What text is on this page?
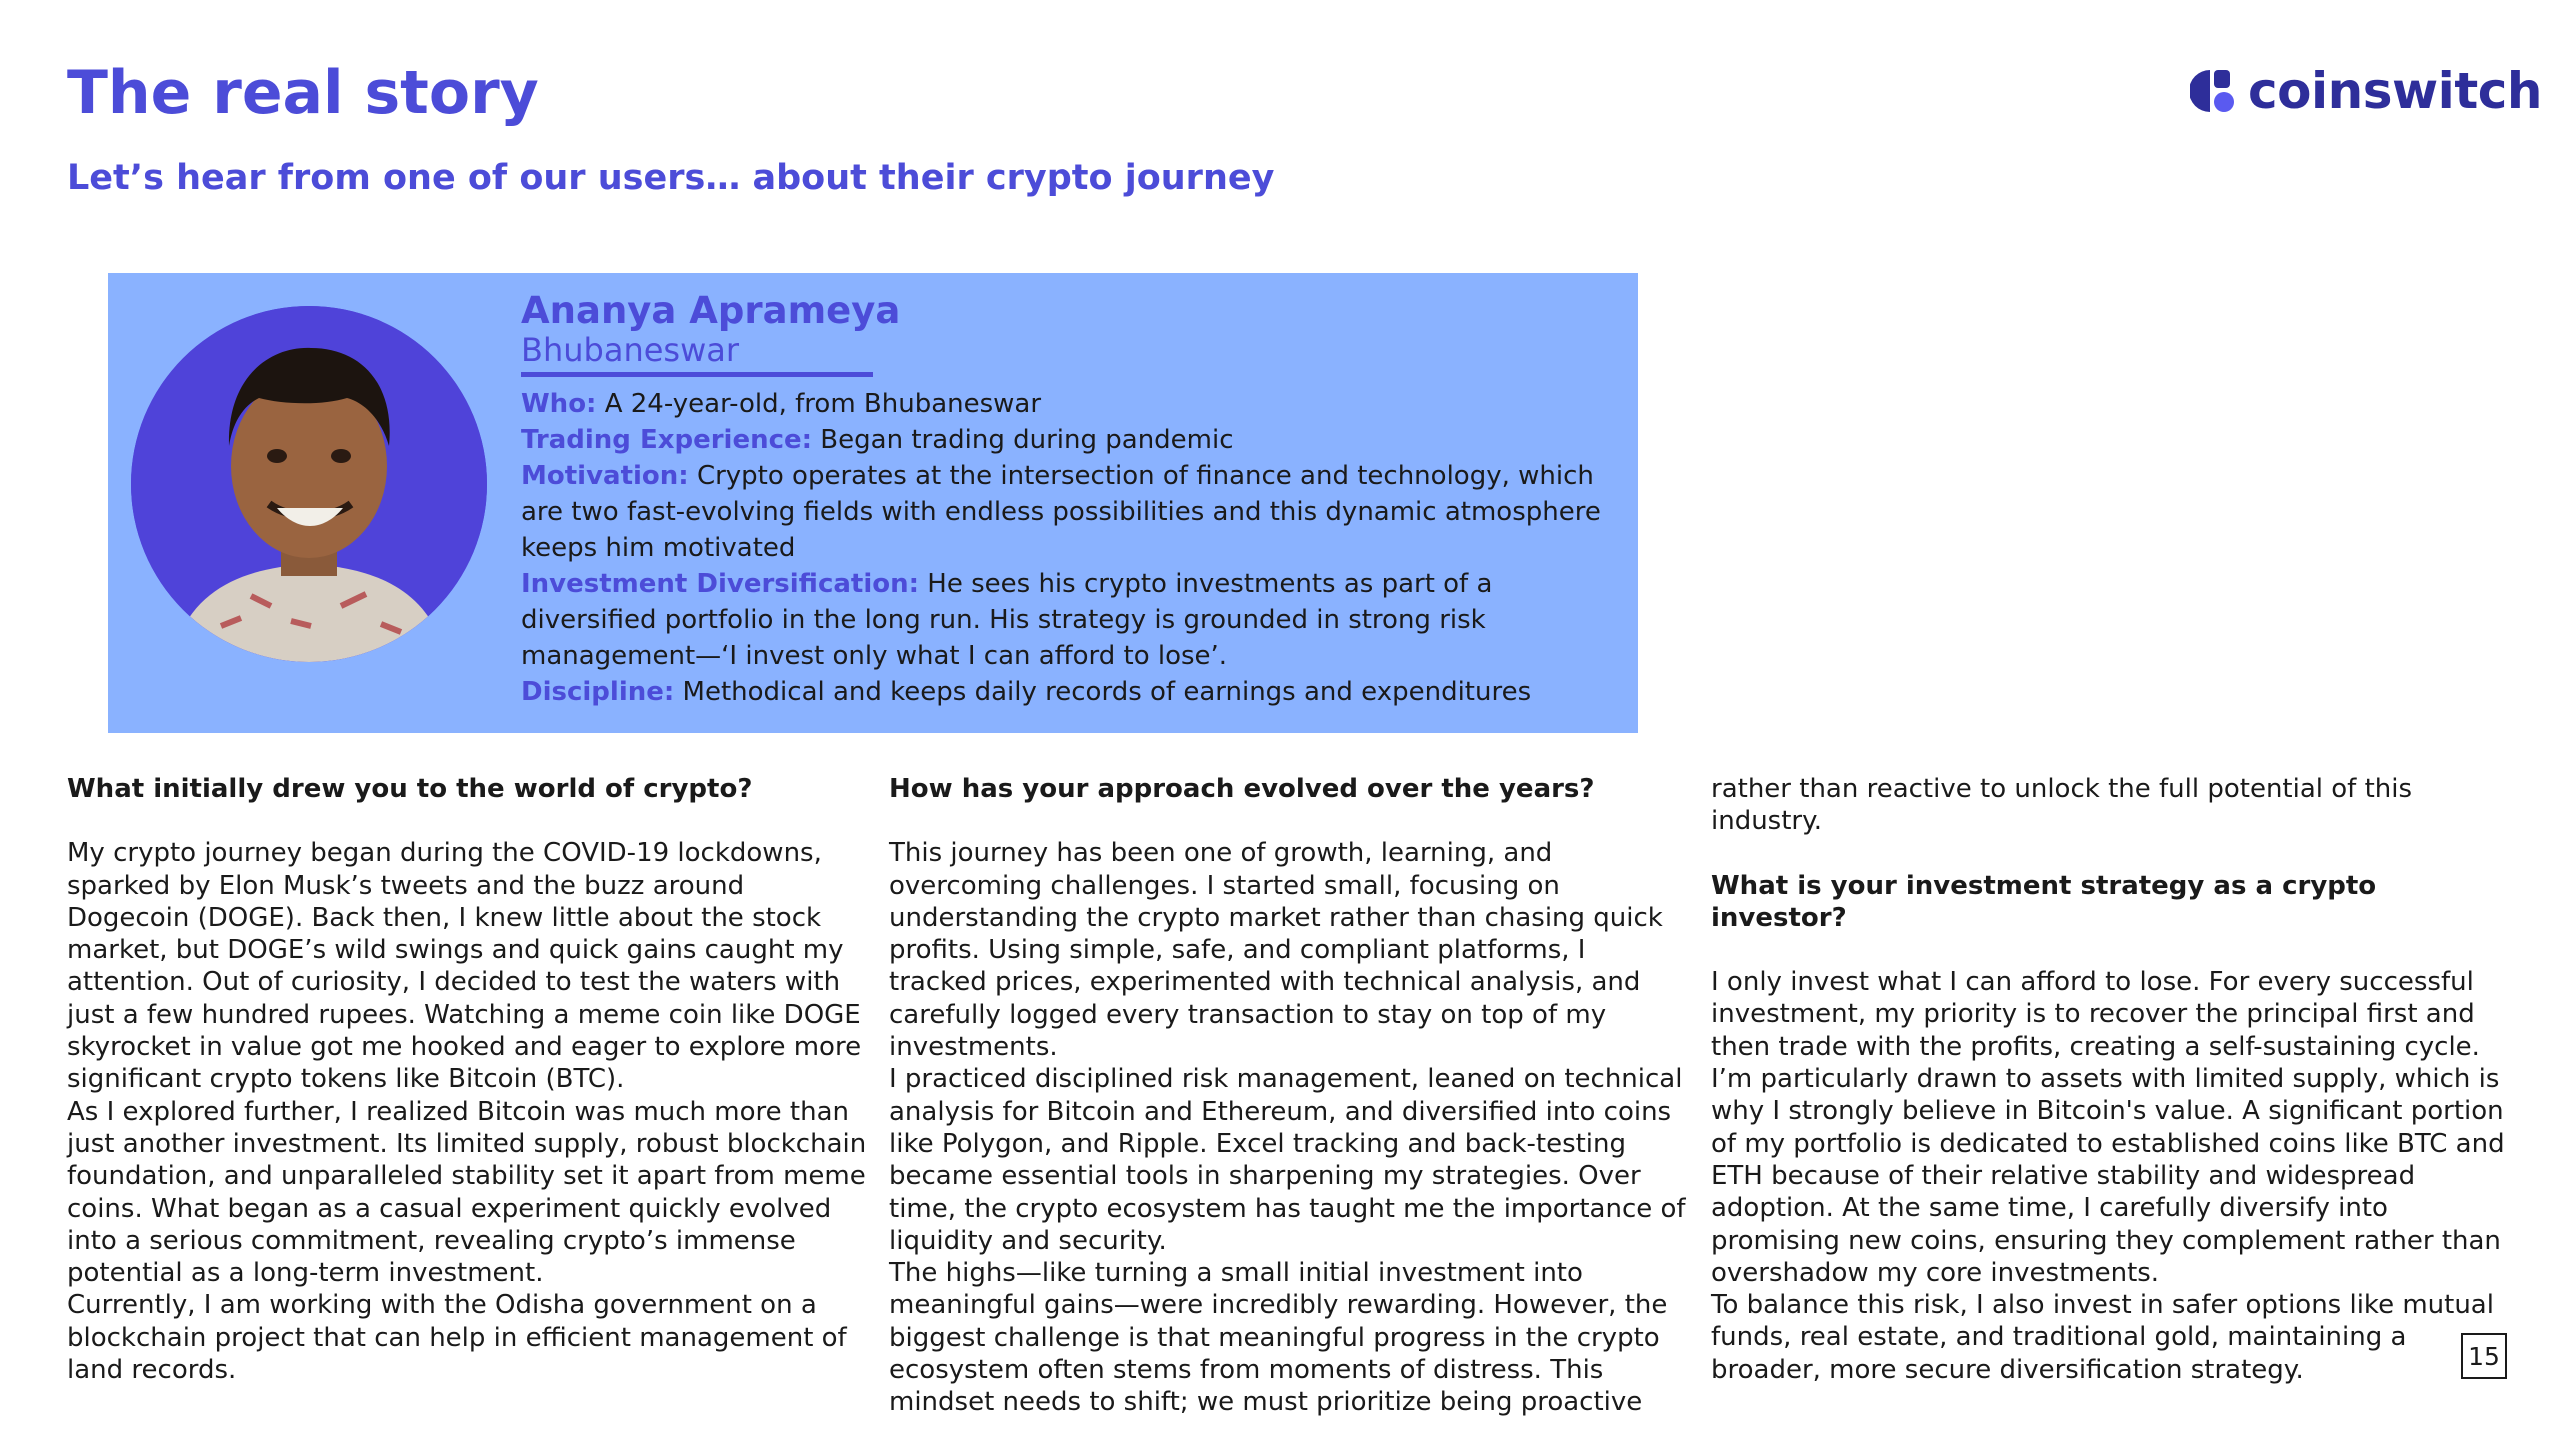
The real story
Let’s hear from one of our users… about their crypto journey
coinswitch
Ananya Aprameya

Bhubaneswar

Who: A 24-year-old, from Bhubaneswar

Trading Experience: Began trading during pandemic

Motivation: Crypto operates at the intersection of finance and technology, which are two fast-evolving fields with endless possibilities and this dynamic atmosphere keeps him motivated

Investment Diversification: He sees his crypto investments as part of a diversified portfolio in the long run. His strategy is grounded in strong risk management—‘I invest only what I can afford to lose’.

Discipline: Methodical and keeps daily records of earnings and expenditures

What initially drew you to the world of crypto?

My crypto journey began during the COVID-19 lockdowns, sparked by Elon Musk’s tweets and the buzz around Dogecoin (DOGE). Back then, I knew little about the stock market, but DOGE’s wild swings and quick gains caught my attention. Out of curiosity, I decided to test the waters with just a few hundred rupees. Watching a meme coin like DOGE skyrocket in value got me hooked and eager to explore more significant crypto tokens like Bitcoin (BTC).

As I explored further, I realized Bitcoin was much more than just another investment. Its limited supply, robust blockchain foundation, and unparalleled stability set it apart from meme coins. What began as a casual experiment quickly evolved into a serious commitment, revealing crypto’s immense potential as a long-term investment.

Currently, I am working with the Odisha government on a blockchain project that can help in efficient management of land records.

How has your approach evolved over the years?

This journey has been one of growth, learning, and overcoming challenges. I started small, focusing on understanding the crypto market rather than chasing quick profits. Using simple, safe, and compliant platforms, I tracked prices, experimented with technical analysis, and carefully logged every transaction to stay on top of my investments.

I practiced disciplined risk management, leaned on technical analysis for Bitcoin and Ethereum, and diversified into coins like Polygon, and Ripple. Excel tracking and back-testing became essential tools in sharpening my strategies. Over time, the crypto ecosystem has taught me the importance of liquidity and security.

The highs—like turning a small initial investment into meaningful gains—were incredibly rewarding. However, the biggest challenge is that meaningful progress in the crypto ecosystem often stems from moments of distress. This mindset needs to shift; we must prioritize being proactive

rather than reactive to unlock the full potential of this industry.

What is your investment strategy as a crypto investor?

I only invest what I can afford to lose. For every successful investment, my priority is to recover the principal first and then trade with the profits, creating a self-sustaining cycle. I’m particularly drawn to assets with limited supply, which is why I strongly believe in Bitcoin's value. A significant portion of my portfolio is dedicated to established coins like BTC and ETH because of their relative stability and widespread adoption. At the same time, I carefully diversify into promising new coins, ensuring they complement rather than overshadow my core investments.

To balance this risk, I also invest in safer options like mutual funds, real estate, and traditional gold, maintaining a broader, more secure diversification strategy.	15
